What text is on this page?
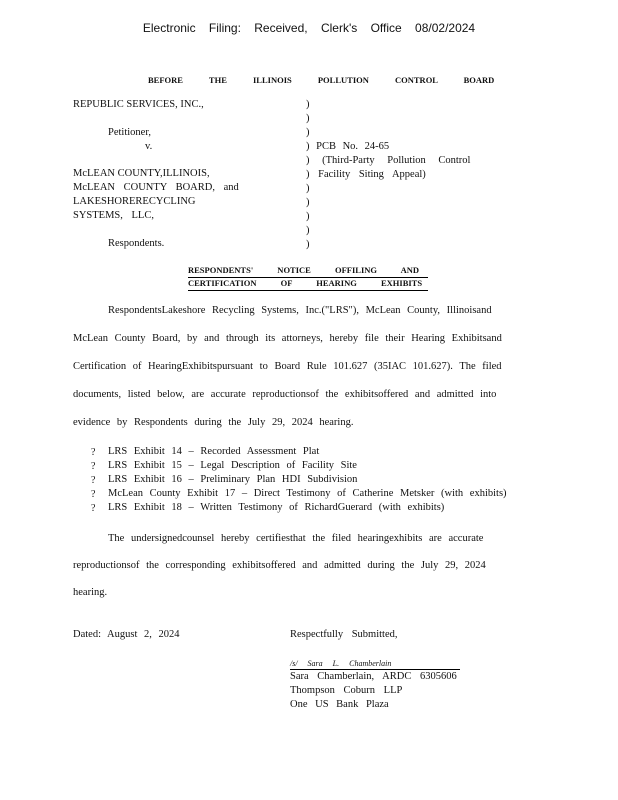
Electronic Filing: Received, Clerk's Office 08/02/2024
BEFORE THE ILLINOIS POLLUTION CONTROL BOARD
REPUBLIC SERVICES, INC.,
Petitioner,
v.
McLEAN COUNTY,ILLINOIS,
McLEAN COUNTY BOARD, and
LAKESHORERECYCLING
SYSTEMS, LLC,
Respondents.
)
)
)
) PCB No. 24-65
) (Third-Party Pollution Control
) Facility Siting Appeal)
)
)
)
)
)
RESPONDENTS' NOTICE OFFILING AND
CERTIFICATION OF HEARING EXHIBITS
RespondentsLakeshore Recycling Systems, Inc.("LRS"), McLean County, Illinoisand
McLean County Board, by and through its attorneys, hereby file their Hearing Exhibitsand
Certification of HearingExhibitspursuant to Board Rule 101.627 (35IAC 101.627). The filed
documents, listed below, are accurate reproductionsof the exhibitsoffered and admitted into
evidence by Respondents during the July 29, 2024 hearing.
? LRS Exhibit 14 – Recorded Assessment Plat
? LRS Exhibit 15 – Legal Description of Facility Site
? LRS Exhibit 16 – Preliminary Plan HDI Subdivision
? McLean County Exhibit 17 – Direct Testimony of Catherine Metsker (with exhibits)
? LRS Exhibit 18 – Written Testimony of RichardGuerard (with exhibits)
The undersignedcounsel hereby certifiesthat the filed hearingexhibits are accurate
reproductionsof the corresponding exhibitsoffered and admitted during the July 29, 2024
hearing.
Dated: August 2, 2024	Respectfully Submitted,
/s/ Sara L. Chamberlain
Sara Chamberlain, ARDC 6305606
Thompson Coburn LLP
One US Bank Plaza
